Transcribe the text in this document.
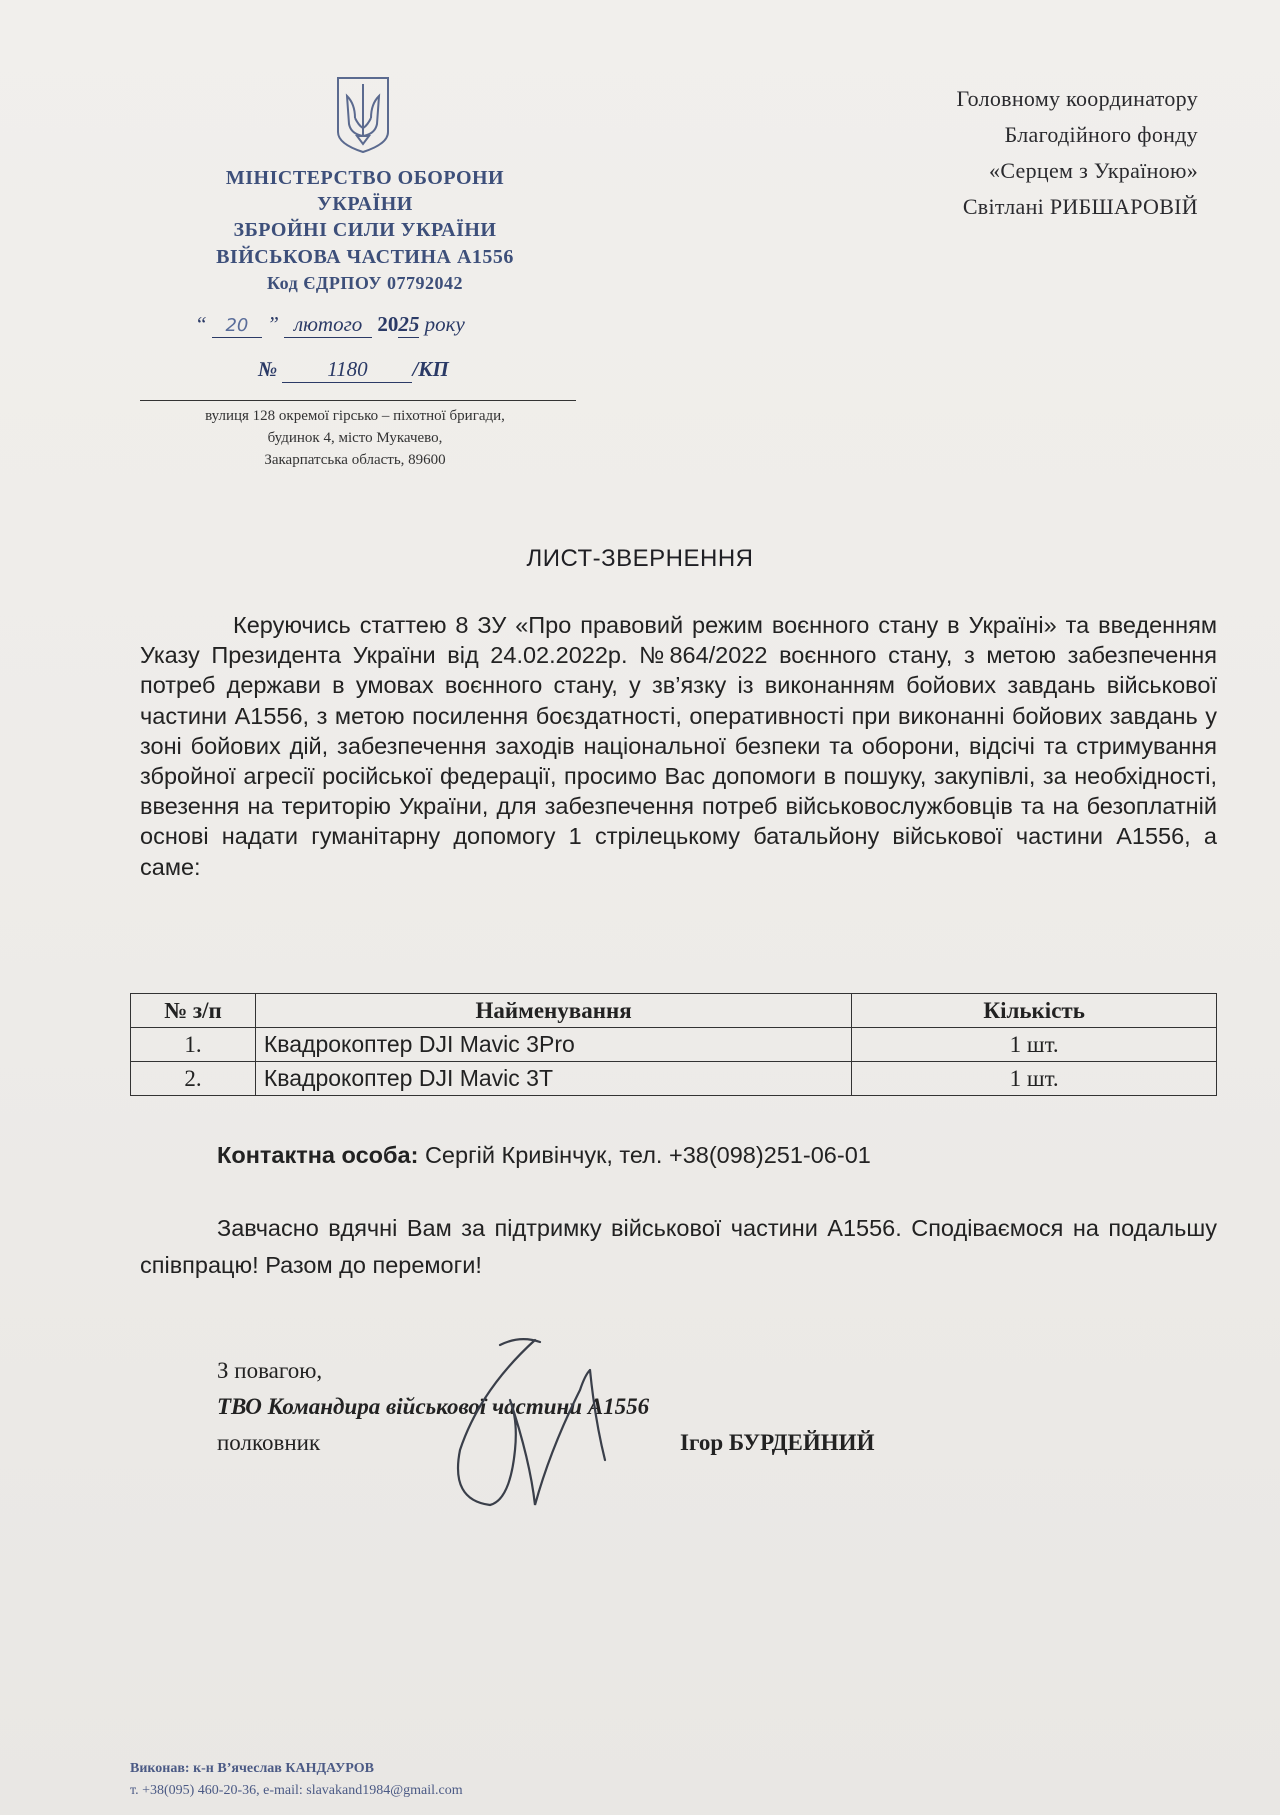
МІНІСТЕРСТВО ОБОРОНИ
УКРАЇНИ
ЗБРОЙНІ СИЛИ УКРАЇНИ
ВІЙСЬКОВА ЧАСТИНА А1556
Код ЄДРПОУ 07792042
“ 20 ” лютого 2025 року
№ 1180 /КП
вулиця 128 окремої гірсько – піхотної бригади,
будинок 4, місто Мукачево,
Закарпатська область, 89600
Головному координатору
Благодійного фонду
«Серцем з Україною»
Світлані РИБШАРОВІЙ
ЛИСТ-ЗВЕРНЕННЯ
Керуючись статтею 8 ЗУ «Про правовий режим воєнного стану в Україні» та введенням Указу Президента України від 24.02.2022р. №864/2022 воєнного стану, з метою забезпечення потреб держави в умовах воєнного стану, у зв’язку із виконанням бойових завдань військової частини А1556, з метою посилення боєздатності, оперативності при виконанні бойових завдань у зоні бойових дій, забезпечення заходів національної безпеки та оборони, відсічі та стримування збройної агресії російської федерації, просимо Вас допомоги в пошуку, закупівлі, за необхідності, ввезення на територію України, для забезпечення потреб військовослужбовців та на безоплатній основі надати гуманітарну допомогу 1 стрілецькому батальйону військової частини А1556, а саме:
№ з/п	Найменування	Кількість
1.	Квадрокоптер DJI Mavic 3Pro	1 шт.
2.	Квадрокоптер DJI Mavic 3T	1 шт.
Контактна особа: Сергій Кривінчук, тел. +38(098)251-06-01
Завчасно вдячні Вам за підтримку військової частини А1556. Сподіваємося на подальшу співпрацю! Разом до перемоги!
З повагою,
ТВО Командира військової частини А1556
полковник	Ігор БУРДЕЙНИЙ
Виконав: к-н В’ячеслав КАНДАУРОВ
т. +38(095) 460-20-36, e-mail: slavakand1984@gmail.com
